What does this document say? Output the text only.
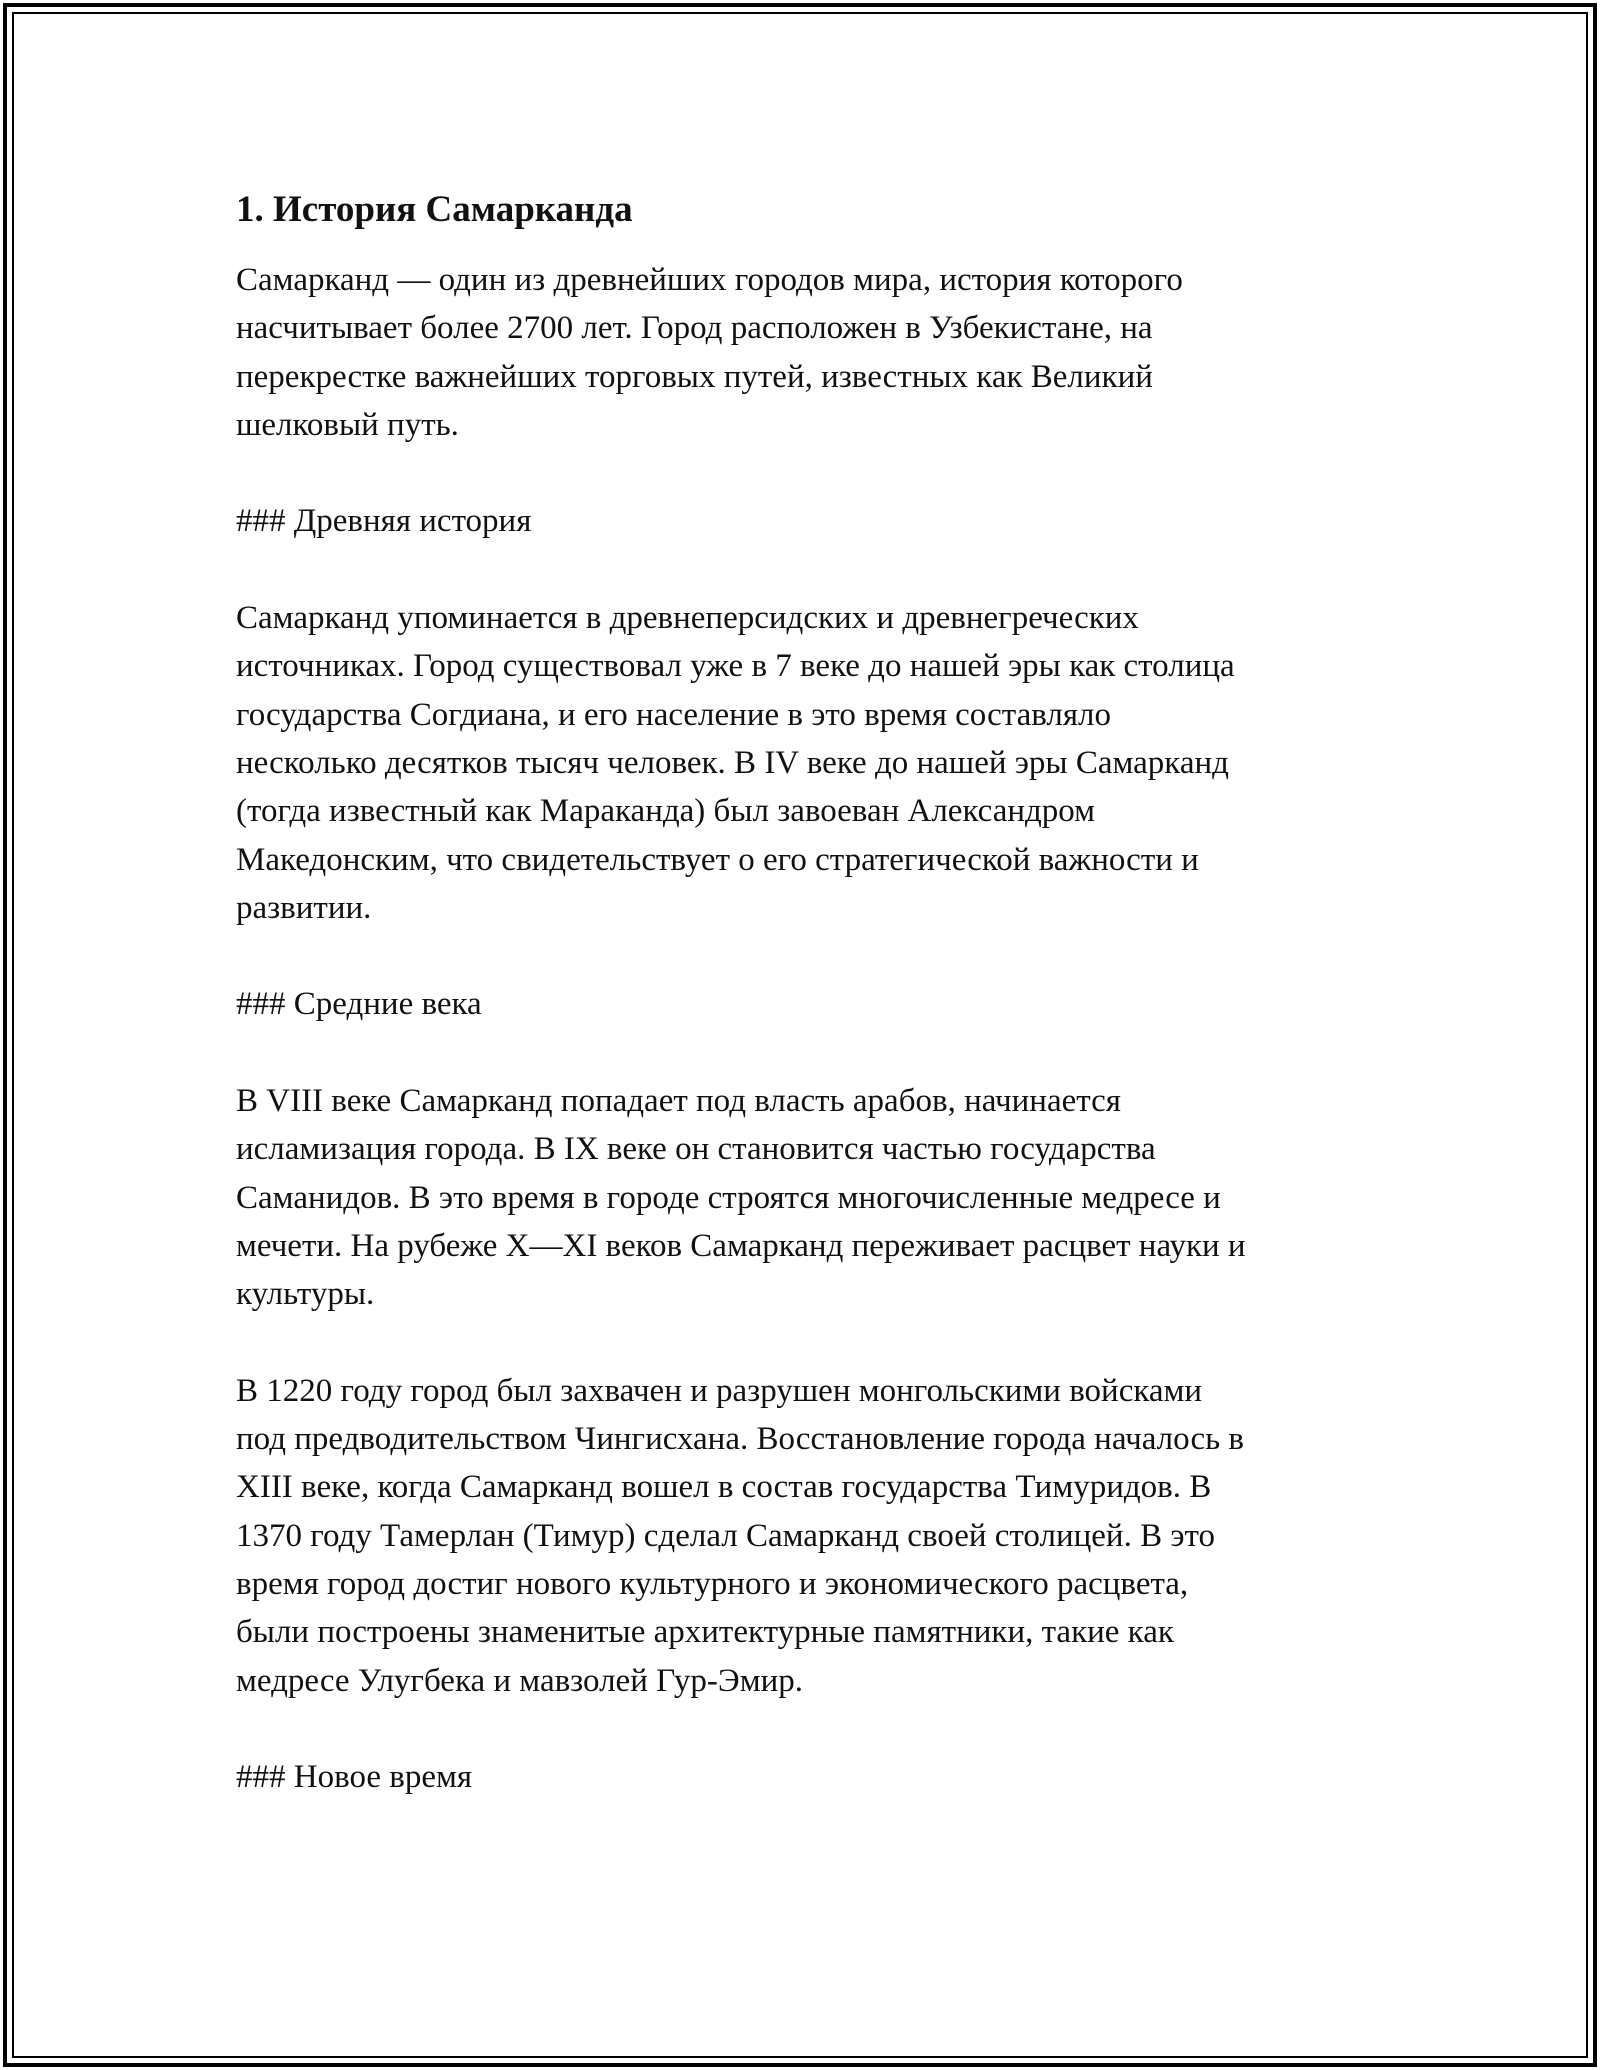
1. История Самарканда

Самарканд — один из древнейших городов мира, история которого
насчитывает более 2700 лет. Город расположен в Узбекистане, на
перекрестке важнейших торговых путей, известных как Великий
шелковый путь.

### Древняя история

Самарканд упоминается в древнеперсидских и древнегреческих
источниках. Город существовал уже в 7 веке до нашей эры как столица
государства Согдиана, и его население в это время составляло
несколько десятков тысяч человек. В IV веке до нашей эры Самарканд
(тогда известный как Мараканда) был завоеван Александром
Македонским, что свидетельствует о его стратегической важности и
развитии.

### Средние века

В VIII веке Самарканд попадает под власть арабов, начинается
исламизация города. В IX веке он становится частью государства
Саманидов. В это время в городе строятся многочисленные медресе и
мечети. На рубеже X—XI веков Самарканд переживает расцвет науки и
культуры.

В 1220 году город был захвачен и разрушен монгольскими войсками
под предводительством Чингисхана. Восстановление города началось в
XIII веке, когда Самарканд вошел в состав государства Тимуридов. В
1370 году Тамерлан (Тимур) сделал Самарканд своей столицей. В это
время город достиг нового культурного и экономического расцвета,
были построены знаменитые архитектурные памятники, такие как
медресе Улугбека и мавзолей Гур-Эмир.

### Новое время
